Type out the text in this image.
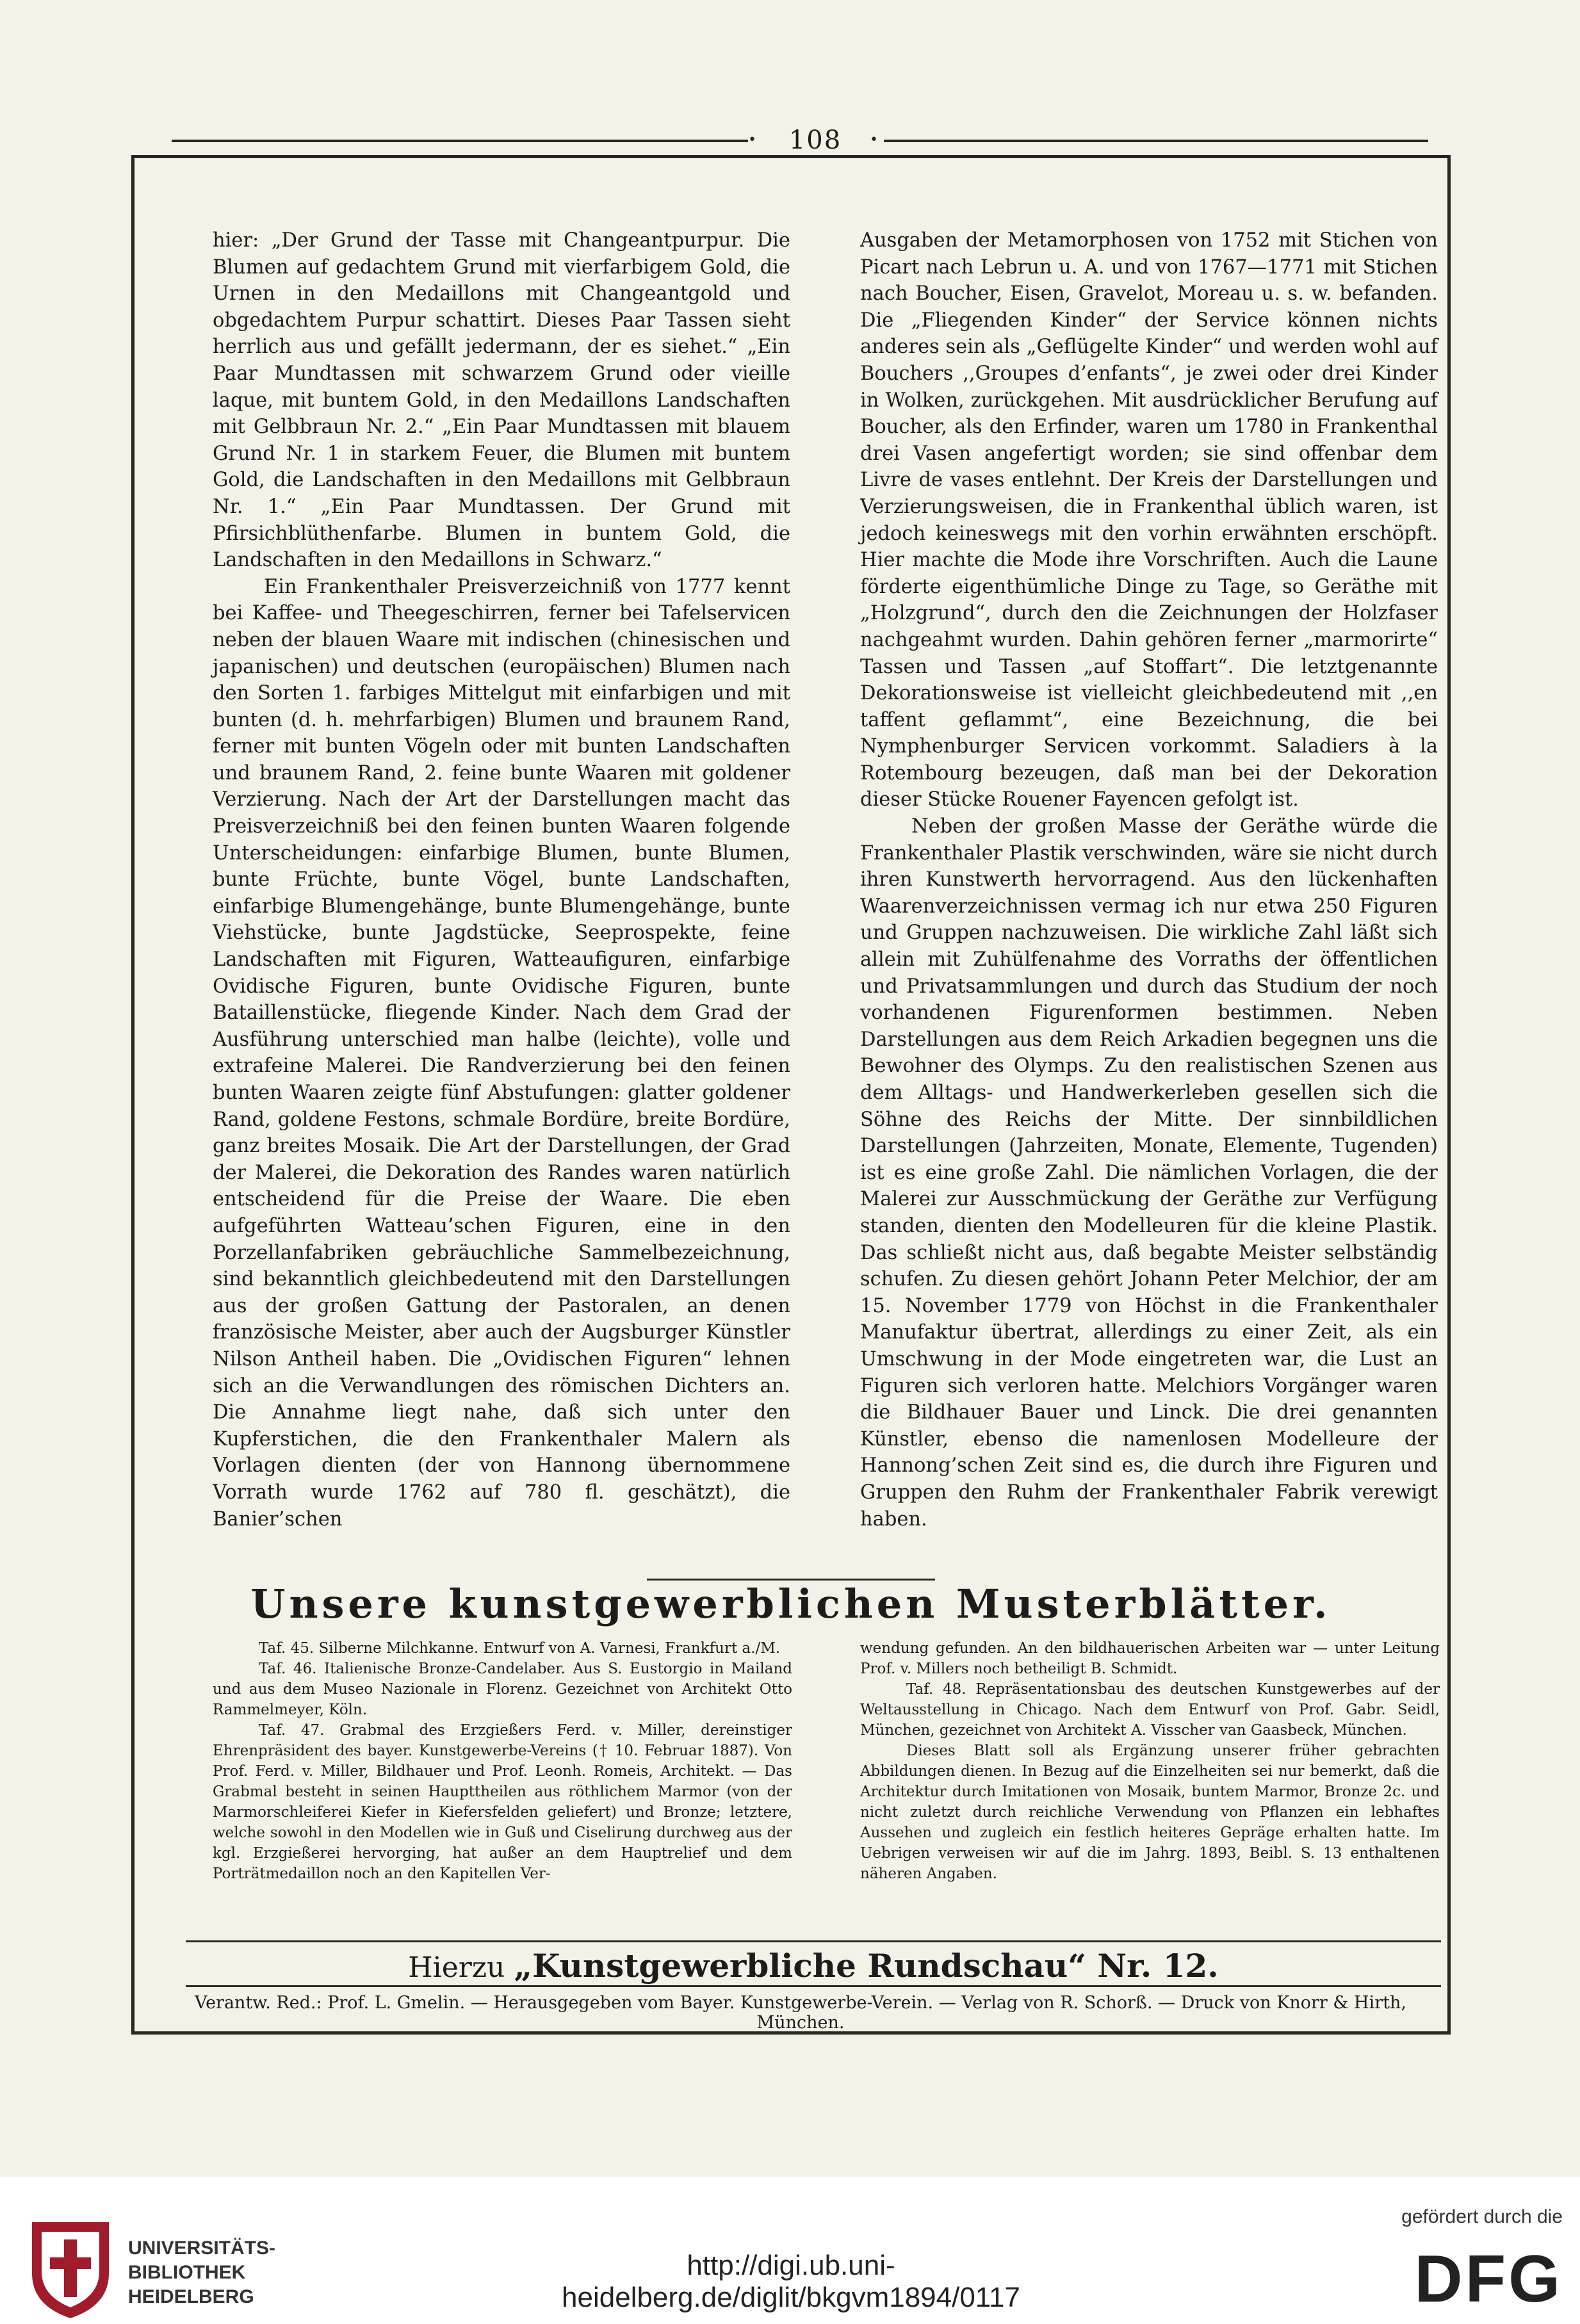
•	108	•

hier: „Der Grund der Tasse mit Changeantpurpur. Die Blumen auf gedachtem Grund mit vierfarbigem Gold, die Urnen in den Medaillons mit Changeantgold und obgedachtem Purpur schattirt. Dieses Paar Tassen sieht herrlich aus und gefällt jedermann, der es siehet.“ „Ein Paar Mundtassen mit schwarzem Grund oder vieille laque, mit buntem Gold, in den Medaillons Landschaften mit Gelbbraun Nr. 2.“ „Ein Paar Mundtassen mit blauem Grund Nr. 1 in starkem Feuer, die Blumen mit buntem Gold, die Landschaften in den Medaillons mit Gelbbraun Nr. 1.“ „Ein Paar Mundtassen. Der Grund mit Pfirsichblüthenfarbe. Blumen in buntem Gold, die Landschaften in den Medaillons in Schwarz.“

Ein Frankenthaler Preisverzeichniß von 1777 kennt bei Kaffee- und Theegeschirren, ferner bei Tafelservicen neben der blauen Waare mit indischen (chinesischen und japanischen) und deutschen (europäischen) Blumen nach den Sorten 1. farbiges Mittelgut mit einfarbigen und mit bunten (d. h. mehrfarbigen) Blumen und braunem Rand, ferner mit bunten Vögeln oder mit bunten Landschaften und braunem Rand, 2. feine bunte Waaren mit goldener Verzierung. Nach der Art der Darstellungen macht das Preisverzeichniß bei den feinen bunten Waaren folgende Unterscheidungen: einfarbige Blumen, bunte Blumen, bunte Früchte, bunte Vögel, bunte Landschaften, einfarbige Blumengehänge, bunte Blumengehänge, bunte Viehstücke, bunte Jagdstücke, Seeprospekte, feine Landschaften mit Figuren, Watteaufiguren, einfarbige Ovidische Figuren, bunte Ovidische Figuren, bunte Bataillenstücke, fliegende Kinder. Nach dem Grad der Ausführung unterschied man halbe (leichte), volle und extrafeine Malerei. Die Randverzierung bei den feinen bunten Waaren zeigte fünf Abstufungen: glatter goldener Rand, goldene Festons, schmale Bordüre, breite Bordüre, ganz breites Mosaik. Die Art der Darstellungen, der Grad der Malerei, die Dekoration des Randes waren natürlich entscheidend für die Preise der Waare. Die eben aufgeführten Watteau’schen Figuren, eine in den Porzellanfabriken gebräuchliche Sammelbezeichnung, sind bekanntlich gleichbedeutend mit den Darstellungen aus der großen Gattung der Pastoralen, an denen französische Meister, aber auch der Augsburger Künstler Nilson Antheil haben. Die „Ovidischen Figuren“ lehnen sich an die Verwandlungen des römischen Dichters an. Die Annahme liegt nahe, daß sich unter den Kupferstichen, die den Frankenthaler Malern als Vorlagen dienten (der von Hannong übernommene Vorrath wurde 1762 auf 780 fl. geschätzt), die Banier’schen

Ausgaben der Metamorphosen von 1752 mit Stichen von Picart nach Lebrun u. A. und von 1767—1771 mit Stichen nach Boucher, Eisen, Gravelot, Moreau u. s. w. befanden. Die „Fliegenden Kinder“ der Service können nichts anderes sein als „Geflügelte Kinder“ und werden wohl auf Bouchers ,,Groupes d’enfants“, je zwei oder drei Kinder in Wolken, zurückgehen. Mit ausdrücklicher Berufung auf Boucher, als den Erfinder, waren um 1780 in Frankenthal drei Vasen angefertigt worden; sie sind offenbar dem Livre de vases entlehnt. Der Kreis der Darstellungen und Verzierungsweisen, die in Frankenthal üblich waren, ist jedoch keineswegs mit den vorhin erwähnten erschöpft. Hier machte die Mode ihre Vorschriften. Auch die Laune förderte eigenthümliche Dinge zu Tage, so Geräthe mit „Holzgrund“, durch den die Zeichnungen der Holzfaser nachgeahmt wurden. Dahin gehören ferner „marmorirte“ Tassen und Tassen „auf Stoffart“. Die letztgenannte Dekorationsweise ist vielleicht gleichbedeutend mit ,,en taffent geflammt“, eine Bezeichnung, die bei Nymphenburger Servicen vorkommt. Saladiers à la Rotembourg bezeugen, daß man bei der Dekoration dieser Stücke Rouener Fayencen gefolgt ist.

Neben der großen Masse der Geräthe würde die Frankenthaler Plastik verschwinden, wäre sie nicht durch ihren Kunstwerth hervorragend. Aus den lückenhaften Waarenverzeichnissen vermag ich nur etwa 250 Figuren und Gruppen nachzuweisen. Die wirkliche Zahl läßt sich allein mit Zuhülfenahme des Vorraths der öffentlichen und Privatsammlungen und durch das Studium der noch vorhandenen Figurenformen bestimmen. Neben Darstellungen aus dem Reich Arkadien begegnen uns die Bewohner des Olymps. Zu den realistischen Szenen aus dem Alltags- und Handwerkerleben gesellen sich die Söhne des Reichs der Mitte. Der sinnbildlichen Darstellungen (Jahrzeiten, Monate, Elemente, Tugenden) ist es eine große Zahl. Die nämlichen Vorlagen, die der Malerei zur Ausschmückung der Geräthe zur Verfügung standen, dienten den Modelleuren für die kleine Plastik. Das schließt nicht aus, daß begabte Meister selbständig schufen. Zu diesen gehört Johann Peter Melchior, der am 15. November 1779 von Höchst in die Frankenthaler Manufaktur übertrat, allerdings zu einer Zeit, als ein Umschwung in der Mode eingetreten war, die Lust an Figuren sich verloren hatte. Melchiors Vorgänger waren die Bildhauer Bauer und Linck. Die drei genannten Künstler, ebenso die namenlosen Modelleure der Hannong’schen Zeit sind es, die durch ihre Figuren und Gruppen den Ruhm der Frankenthaler Fabrik verewigt haben.

Unsere kunstgewerblichen Musterblätter.

Taf. 45. Silberne Milchkanne. Entwurf von A. Varnesi, Frankfurt a./M.

Taf. 46. Italienische Bronze-Candelaber. Aus S. Eustorgio in Mailand und aus dem Museo Nazionale in Florenz. Gezeichnet von Architekt Otto Rammelmeyer, Köln.

Taf. 47. Grabmal des Erzgießers Ferd. v. Miller, dereinstiger Ehrenpräsident des bayer. Kunstgewerbe-Vereins († 10. Februar 1887). Von Prof. Ferd. v. Miller, Bildhauer und Prof. Leonh. Romeis, Architekt. — Das Grabmal besteht in seinen Haupttheilen aus röthlichem Marmor (von der Marmorschleiferei Kiefer in Kiefersfelden geliefert) und Bronze; letztere, welche sowohl in den Modellen wie in Guß und Ciselirung durchweg aus der kgl. Erzgießerei hervorging, hat außer an dem Hauptrelief und dem Porträtmedaillon noch an den Kapitellen Ver-

wendung gefunden. An den bildhauerischen Arbeiten war — unter Leitung Prof. v. Millers noch betheiligt B. Schmidt.

Taf. 48. Repräsentationsbau des deutschen Kunstgewerbes auf der Weltausstellung in Chicago. Nach dem Entwurf von Prof. Gabr. Seidl, München, gezeichnet von Architekt A. Visscher van Gaasbeck, München.

Dieses Blatt soll als Ergänzung unserer früher gebrachten Abbildungen dienen. In Bezug auf die Einzelheiten sei nur bemerkt, daß die Architektur durch Imitationen von Mosaik, buntem Marmor, Bronze 2c. und nicht zuletzt durch reichliche Verwendung von Pflanzen ein lebhaftes Aussehen und zugleich ein festlich heiteres Gepräge erhalten hatte. Im Uebrigen verweisen wir auf die im Jahrg. 1893, Beibl. S. 13 enthaltenen näheren Angaben.

Hierzu „Kunstgewerbliche Rundschau“ Nr. 12.
Verantw. Red.: Prof. L. Gmelin. — Herausgegeben vom Bayer. Kunstgewerbe-Verein. — Verlag von R. Schorß. — Druck von Knorr & Hirth, München.
UNIVERSITÄTS-
BIBLIOTHEK
HEIDELBERG
http://digi.ub.uni-heidelberg.de/diglit/bkgvm1894/0117
gefördert durch die
DFG
